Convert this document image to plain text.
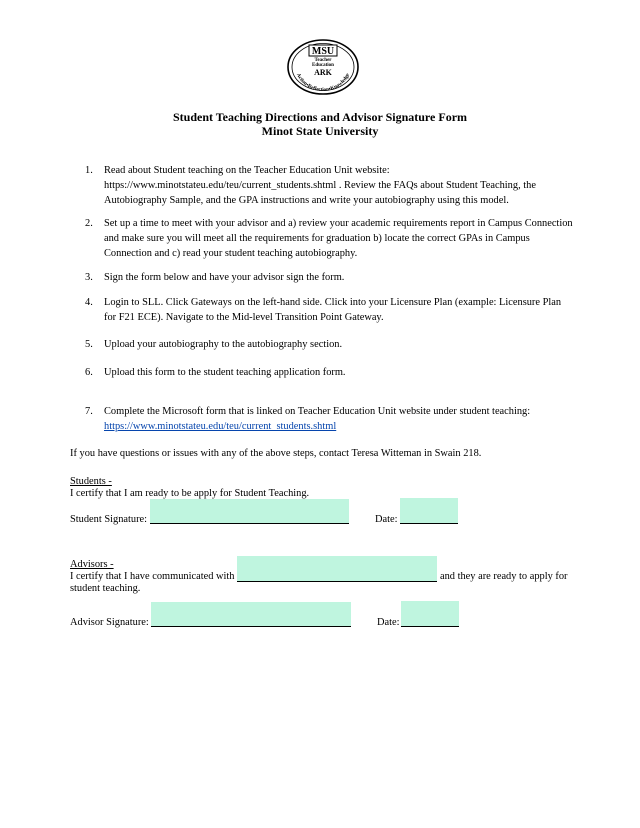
MSU
Teacher
Education
ARK
Action•Reflection•Knowledge
Student Teaching Directions and Advisor Signature Form
Minot State University
1.	Read about Student teaching on the Teacher Education Unit website: https://www.minotstateu.edu/teu/current_students.shtml . Review the FAQs about Student Teaching, the Autobiography Sample, and the GPA instructions and write your autobiography using this model.
2.	Set up a time to meet with your advisor and a) review your academic requirements report in Campus Connection and make sure you will meet all the requirements for graduation b) locate the correct GPAs in Campus Connection and c) read your student teaching autobiography.
3.	Sign the form below and have your advisor sign the form.
4.	Login to SLL. Click Gateways on the left-hand side. Click into your Licensure Plan (example: Licensure Plan for F21 ECE). Navigate to the Mid-level Transition Point Gateway.
5.	Upload your autobiography to the autobiography section.
6.	Upload this form to the student teaching application form.
7.	Complete the Microsoft form that is linked on Teacher Education Unit website under student teaching:
https://www.minotstateu.edu/teu/current_students.shtml
If you have questions or issues with any of the above steps, contact Teresa Witteman in Swain 218.
Students -
I certify that I am ready to be apply for Student Teaching.
Student Signature:	Date:
Advisors -
I certify that I have communicated with	and they are ready to apply for
student teaching.
Advisor Signature:	Date:
